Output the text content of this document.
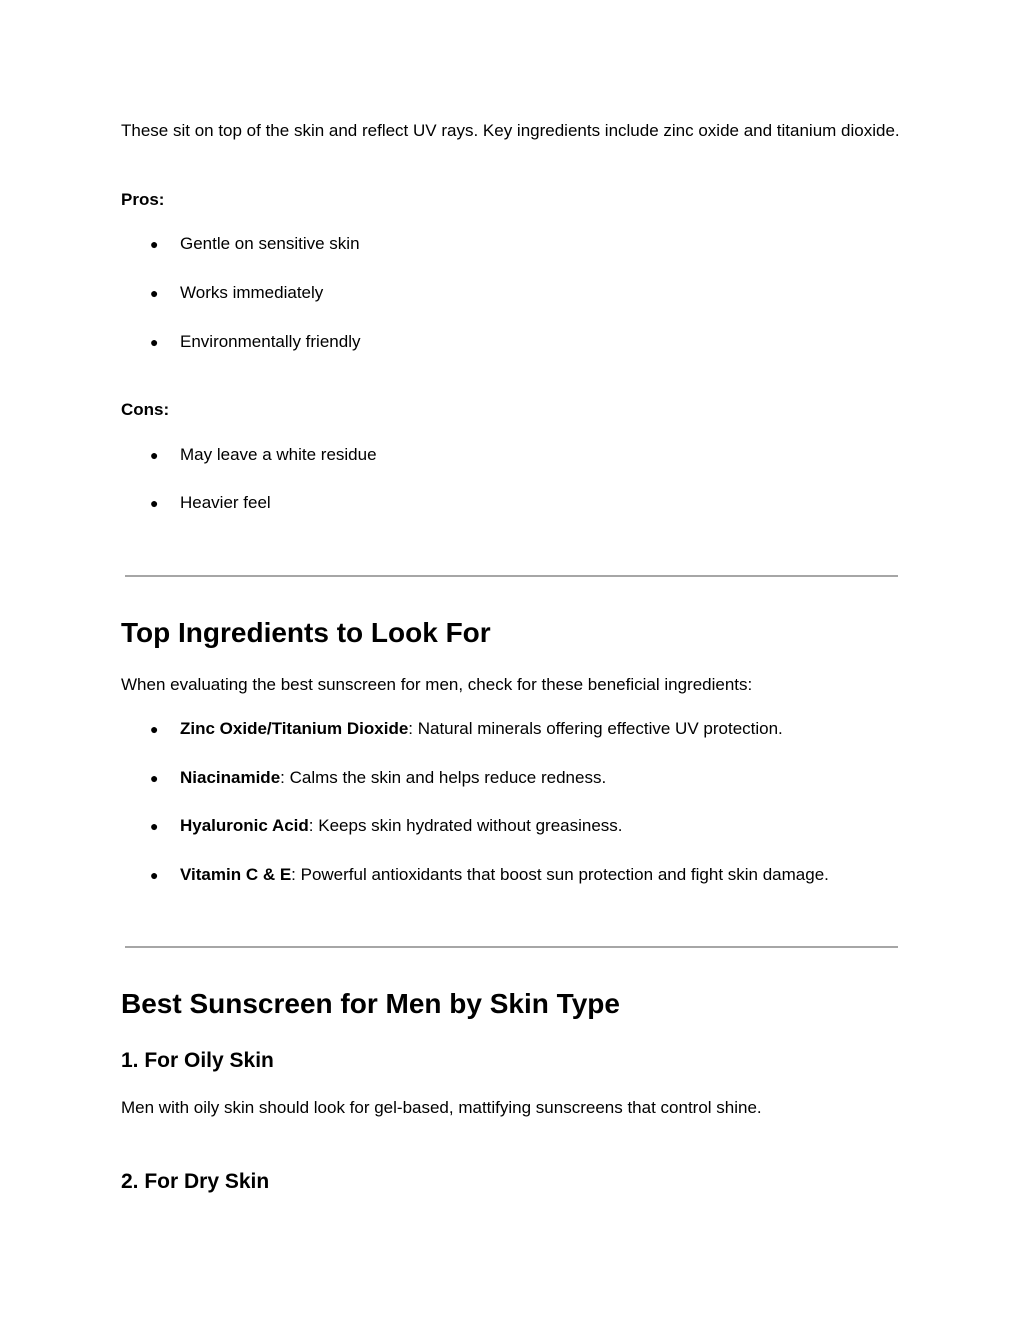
These sit on top of the skin and reflect UV rays. Key ingredients include zinc oxide and titanium dioxide.

Pros:
● Gentle on sensitive skin
● Works immediately
● Environmentally friendly
Cons:
● May leave a white residue
● Heavier feel
Top Ingredients to Look For
When evaluating the best sunscreen for men, check for these beneficial ingredients:
● Zinc Oxide/Titanium Dioxide: Natural minerals offering effective UV protection.
● Niacinamide: Calms the skin and helps reduce redness.
● Hyaluronic Acid: Keeps skin hydrated without greasiness.
● Vitamin C & E: Powerful antioxidants that boost sun protection and fight skin damage.
Best Sunscreen for Men by Skin Type
1. For Oily Skin
Men with oily skin should look for gel-based, mattifying sunscreens that control shine.
2. For Dry Skin
